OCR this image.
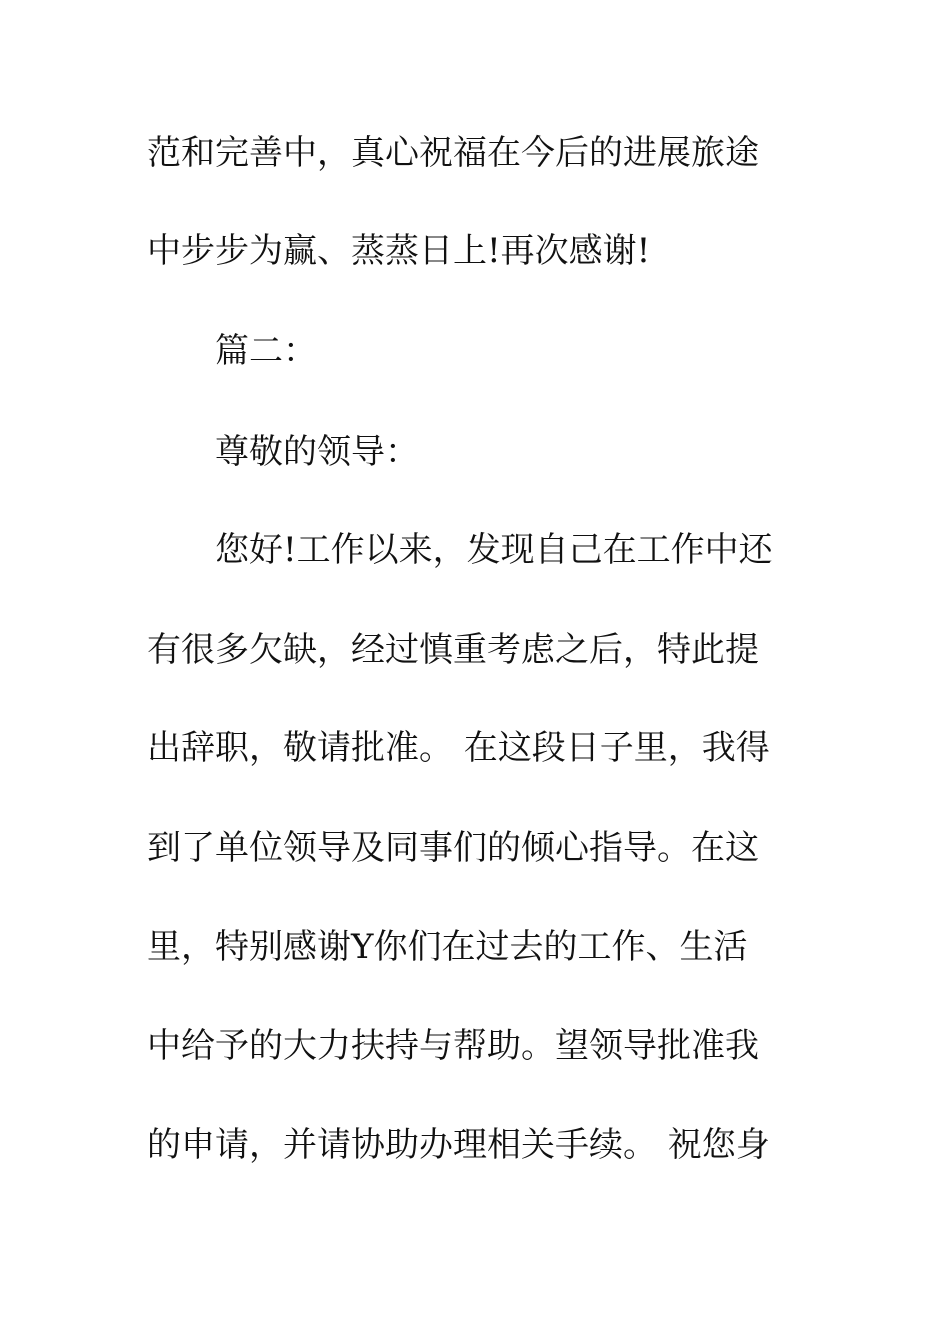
范和完善中，真心祝福在今后的进展旅途
中步步为赢、蒸蒸日上!再次感谢!
篇二：
尊敬的领导：
您好!工作以来，发现自己在工作中还
有很多欠缺，经过慎重考虑之后，特此提
出辞职，敬请批准。 在这段日子里，我得
到了单位领导及同事们的倾心指导。在这
里，特别感谢Y你们在过去的工作、生活
中给予的大力扶持与帮助。望领导批准我
的申请，并请协助办理相关手续。 祝您身
